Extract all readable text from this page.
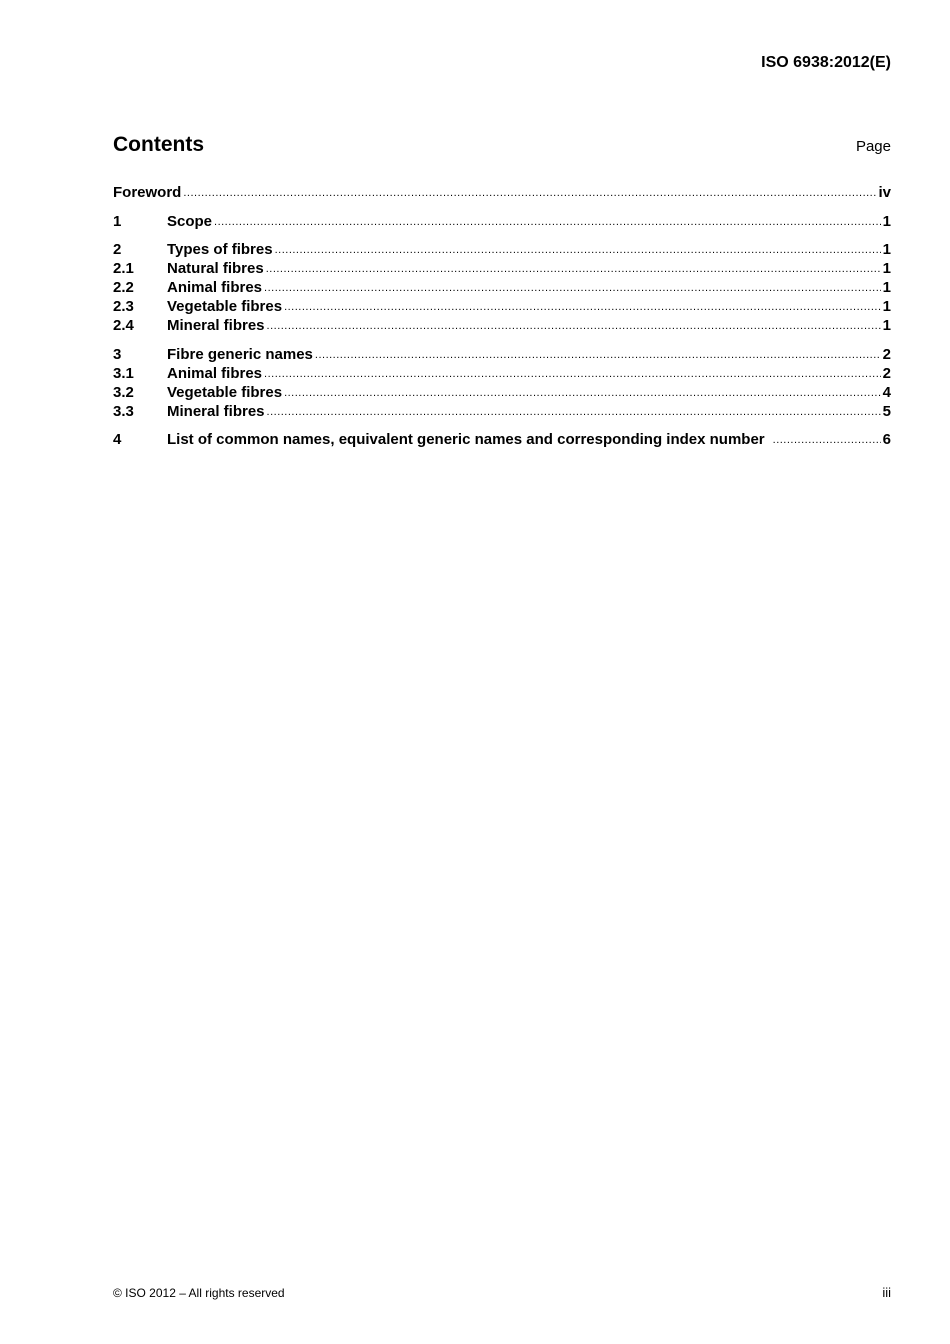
ISO 6938:2012(E)
Contents	Page
Foreword .....	iv
1	Scope .....	1
2	Types of fibres .....	1
2.1	Natural fibres .....	1
2.2	Animal fibres .....	1
2.3	Vegetable fibres .....	1
2.4	Mineral fibres .....	1
3	Fibre generic names .....	2
3.1	Animal fibres .....	2
3.2	Vegetable fibres .....	4
3.3	Mineral fibres .....	5
4	List of common names, equivalent generic names and corresponding index number .....	6
© ISO 2012 – All rights reserved	iii
